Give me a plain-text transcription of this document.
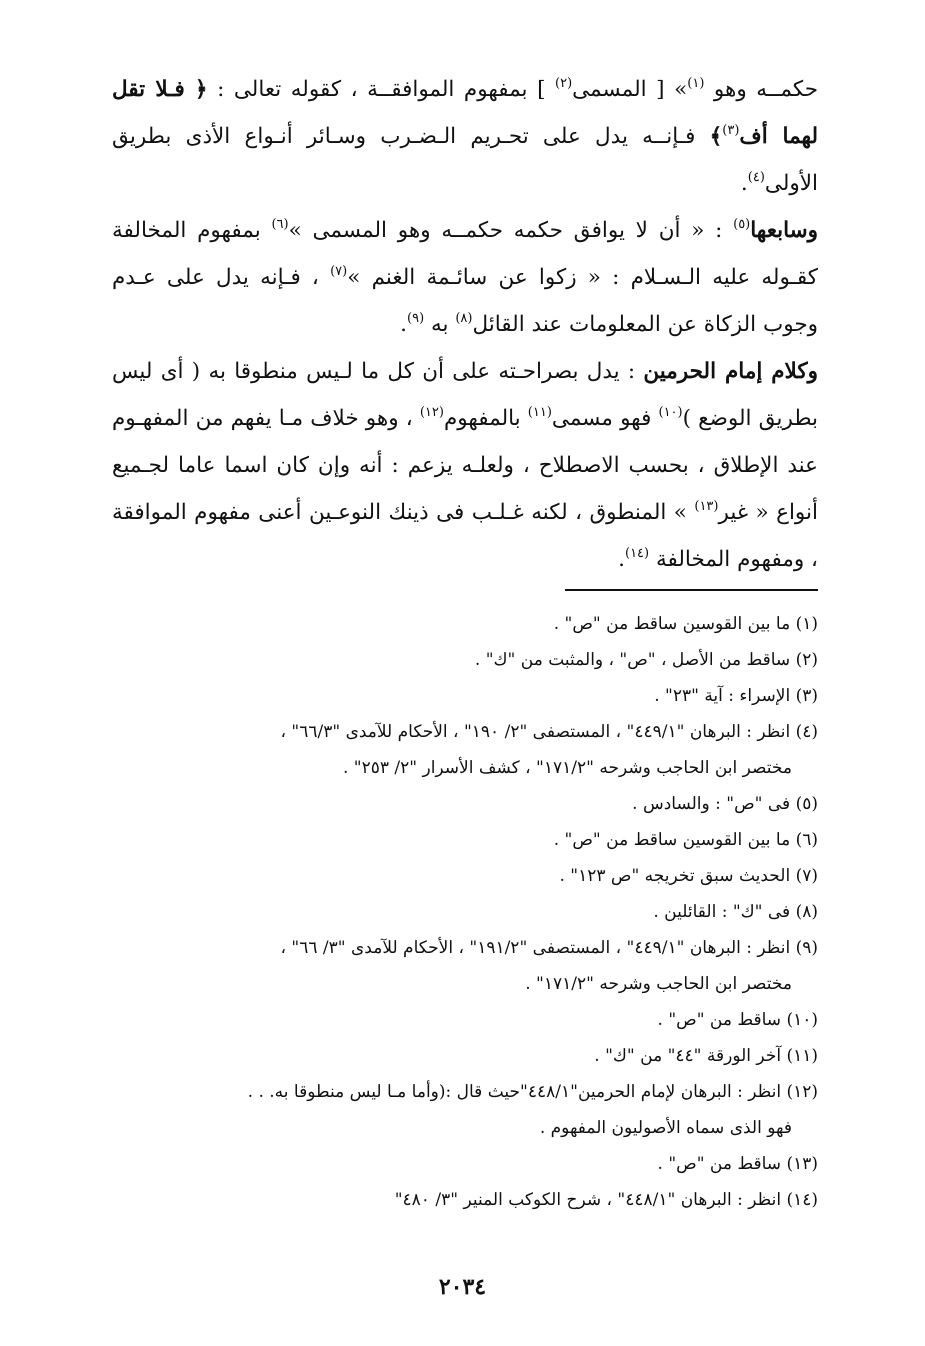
حكمــه وهو $^{(١)}$» [ المسمى$^{(٢)}$ ] بمفهوم الموافقــة ، كقوله تعالى : ﴿ فـلا تقل لهما أف$^{(٣)}$﴾ فـإنــه يدل على تحـريم الـضـرب وسـائر أنـواع الأذى بطريق الأولى$^{(٤)}$.

وسابعها$^{(٥)}$ : « أن لا يوافق حكمه حكمــه وهو المسمى »$^{(٦)}$ بمفهوم المخالفة كقـوله عليه الـسـلام : « زكوا عن سائـمة الغنم »$^{(٧)}$ ، فـإنه يدل على عـدم وجوب الزكاة عن المعلومات عند القائل$^{(٨)}$ به $^{(٩)}$.

وكلام إمام الحرمين : يدل بصراحـته على أن كل ما لـيس منطوقا به ( أى ليس بطريق الوضع )$^{(١٠)}$ فهو مسمى$^{(١١)}$ بالمفهوم$^{(١٢)}$ ، وهو خلاف مـا يفهم من المفهـوم عند الإطلاق ، بحسب الاصطلاح ، ولعلـه يزعم : أنه وإن كان اسما عاما لجـميع أنواع « غير$^{(١٣)}$ » المنطوق ، لكنه غـلـب فى ذينك النوعـين أعنى مفهوم الموافقة ، ومفهوم المخالفة $^{(١٤)}$.

(١) ما بين القوسين ساقط من "ص" .
(٢) ساقط من الأصل ، "ص" ، والمثبت من "ك" .
(٣) الإسراء : آية "٢٣" .
(٤) انظر : البرهان "٤٤٩/١" ، المستصفى "٢/ ١٩٠" ، الأحكام للآمدى "٦٦/٣" ،
مختصر ابن الحاجب وشرحه "١٧١/٢" ، كشف الأسرار "٢/ ٢٥٣" .
(٥) فى "ص" : والسادس .
(٦) ما بين القوسين ساقط من "ص" .
(٧) الحديث سبق تخريجه "ص ١٢٣" .
(٨) فى "ك" : القائلين .
(٩) انظر : البرهان "٤٤٩/١" ، المستصفى "١٩١/٢" ، الأحكام للآمدى "٣/ ٦٦" ،
مختصر ابن الحاجب وشرحه "١٧١/٢" .
(١٠) ساقط من "ص" .
(١١) آخر الورقة "٤٤" من "ك" .
(١٢) انظر : البرهان لإمام الحرمين"٤٤٨/١"حيث قال :(وأما مـا ليس منطوقا به. . .
فهو الذى سماه الأصوليون المفهوم .
(١٣) ساقط من "ص" .
(١٤) انظر : البرهان "٤٤٨/١" ، شرح الكوكب المنير "٣/ ٤٨٠"
٢٠٣٤
